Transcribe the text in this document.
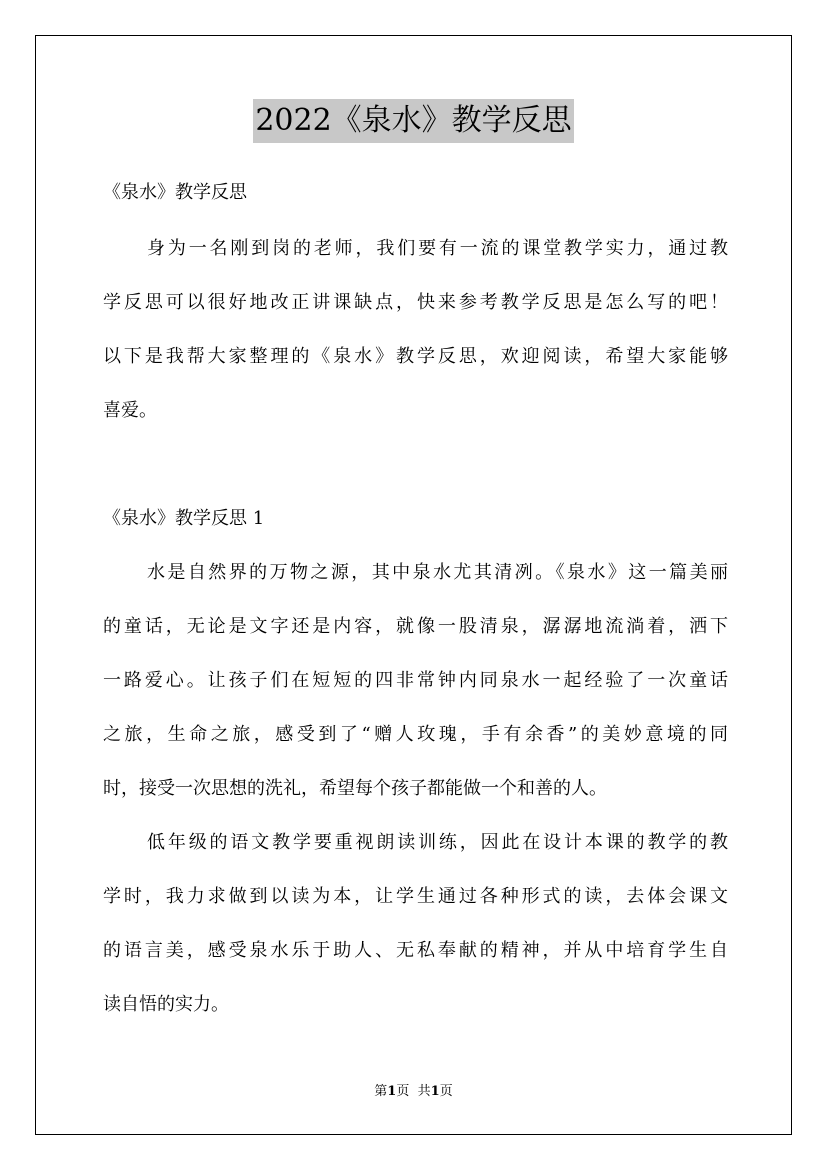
2022《泉水》教学反思
《泉水》教学反思
身为一名刚到岗的老师，我们要有一流的课堂教学实力，通过教
学反思可以很好地改正讲课缺点，快来参考教学反思是怎么写的吧！
以下是我帮大家整理的《泉水》教学反思，欢迎阅读，希望大家能够
喜爱。
《泉水》教学反思 1
水是自然界的万物之源，其中泉水尤其清冽。《泉水》这一篇美丽
的童话，无论是文字还是内容，就像一股清泉，潺潺地流淌着，洒下
一路爱心。让孩子们在短短的四非常钟内同泉水一起经验了一次童话
之旅，生命之旅，感受到了“赠人玫瑰，手有余香”的美妙意境的同
时，接受一次思想的洗礼，希望每个孩子都能做一个和善的人。
低年级的语文教学要重视朗读训练，因此在设计本课的教学的教
学时，我力求做到以读为本，让学生通过各种形式的读，去体会课文
的语言美，感受泉水乐于助人、无私奉献的精神，并从中培育学生自
读自悟的实力。
第1页 共1页
